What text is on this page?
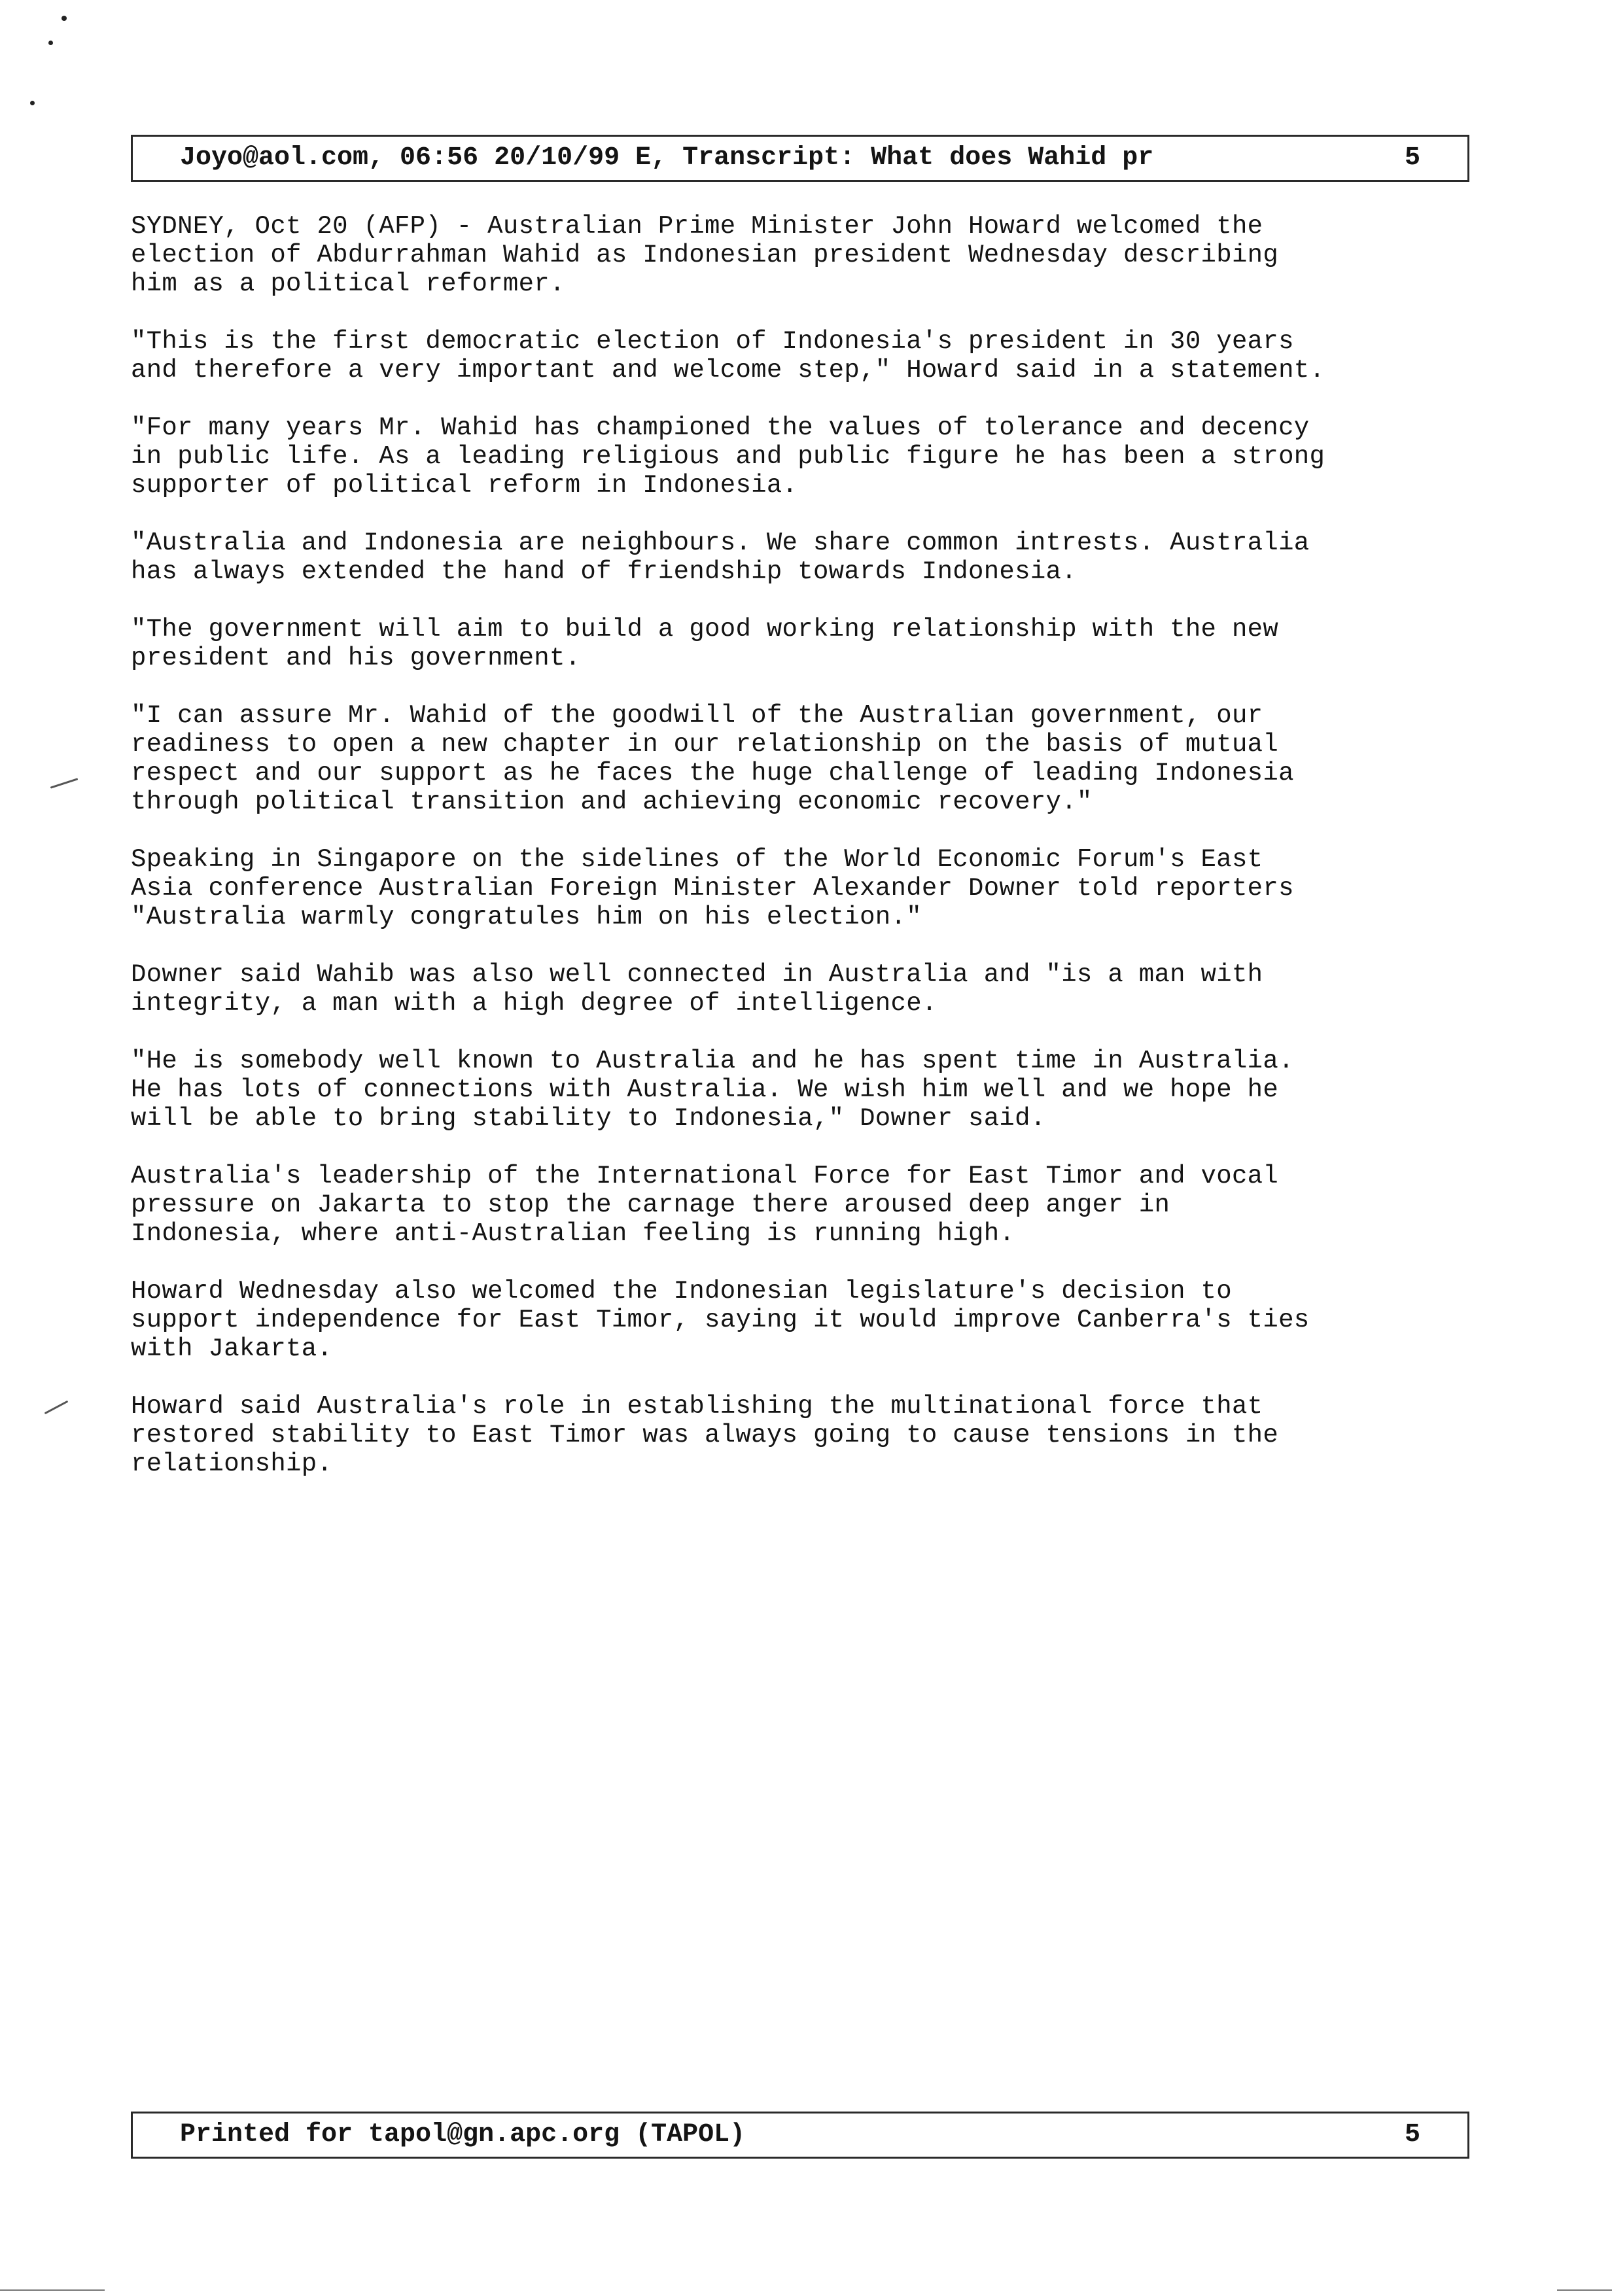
Joyo@aol.com, 06:56 20/10/99 E, Transcript: What does Wahid pr	5

SYDNEY, Oct 20 (AFP) - Australian Prime Minister John Howard welcomed the
election of Abdurrahman Wahid as Indonesian president Wednesday describing
him as a political reformer.

"This is the first democratic election of Indonesia's president in 30 years
and therefore a very important and welcome step," Howard said in a statement.

"For many years Mr. Wahid has championed the values of tolerance and decency
in public life. As a leading religious and public figure he has been a strong
supporter of political reform in Indonesia.

"Australia and Indonesia are neighbours. We share common intrests. Australia
has always extended the hand of friendship towards Indonesia.

"The government will aim to build a good working relationship with the new
president and his government.

"I can assure Mr. Wahid of the goodwill of the Australian government, our
readiness to open a new chapter in our relationship on the basis of mutual
respect and our support as he faces the huge challenge of leading Indonesia
through political transition and achieving economic recovery."

Speaking in Singapore on the sidelines of the World Economic Forum's East
Asia conference Australian Foreign Minister Alexander Downer told reporters
"Australia warmly congratules him on his election."

Downer said Wahib was also well connected in Australia and "is a man with
integrity, a man with a high degree of intelligence.

"He is somebody well known to Australia and he has spent time in Australia.
He has lots of connections with Australia. We wish him well and we hope he
will be able to bring stability to Indonesia," Downer said.

Australia's leadership of the International Force for East Timor and vocal
pressure on Jakarta to stop the carnage there aroused deep anger in
Indonesia, where anti-Australian feeling is running high.

Howard Wednesday also welcomed the Indonesian legislature's decision to
support independence for East Timor, saying it would improve Canberra's ties
with Jakarta.

Howard said Australia's role in establishing the multinational force that
restored stability to East Timor was always going to cause tensions in the
relationship.

Printed for tapol@gn.apc.org (TAPOL)	5
